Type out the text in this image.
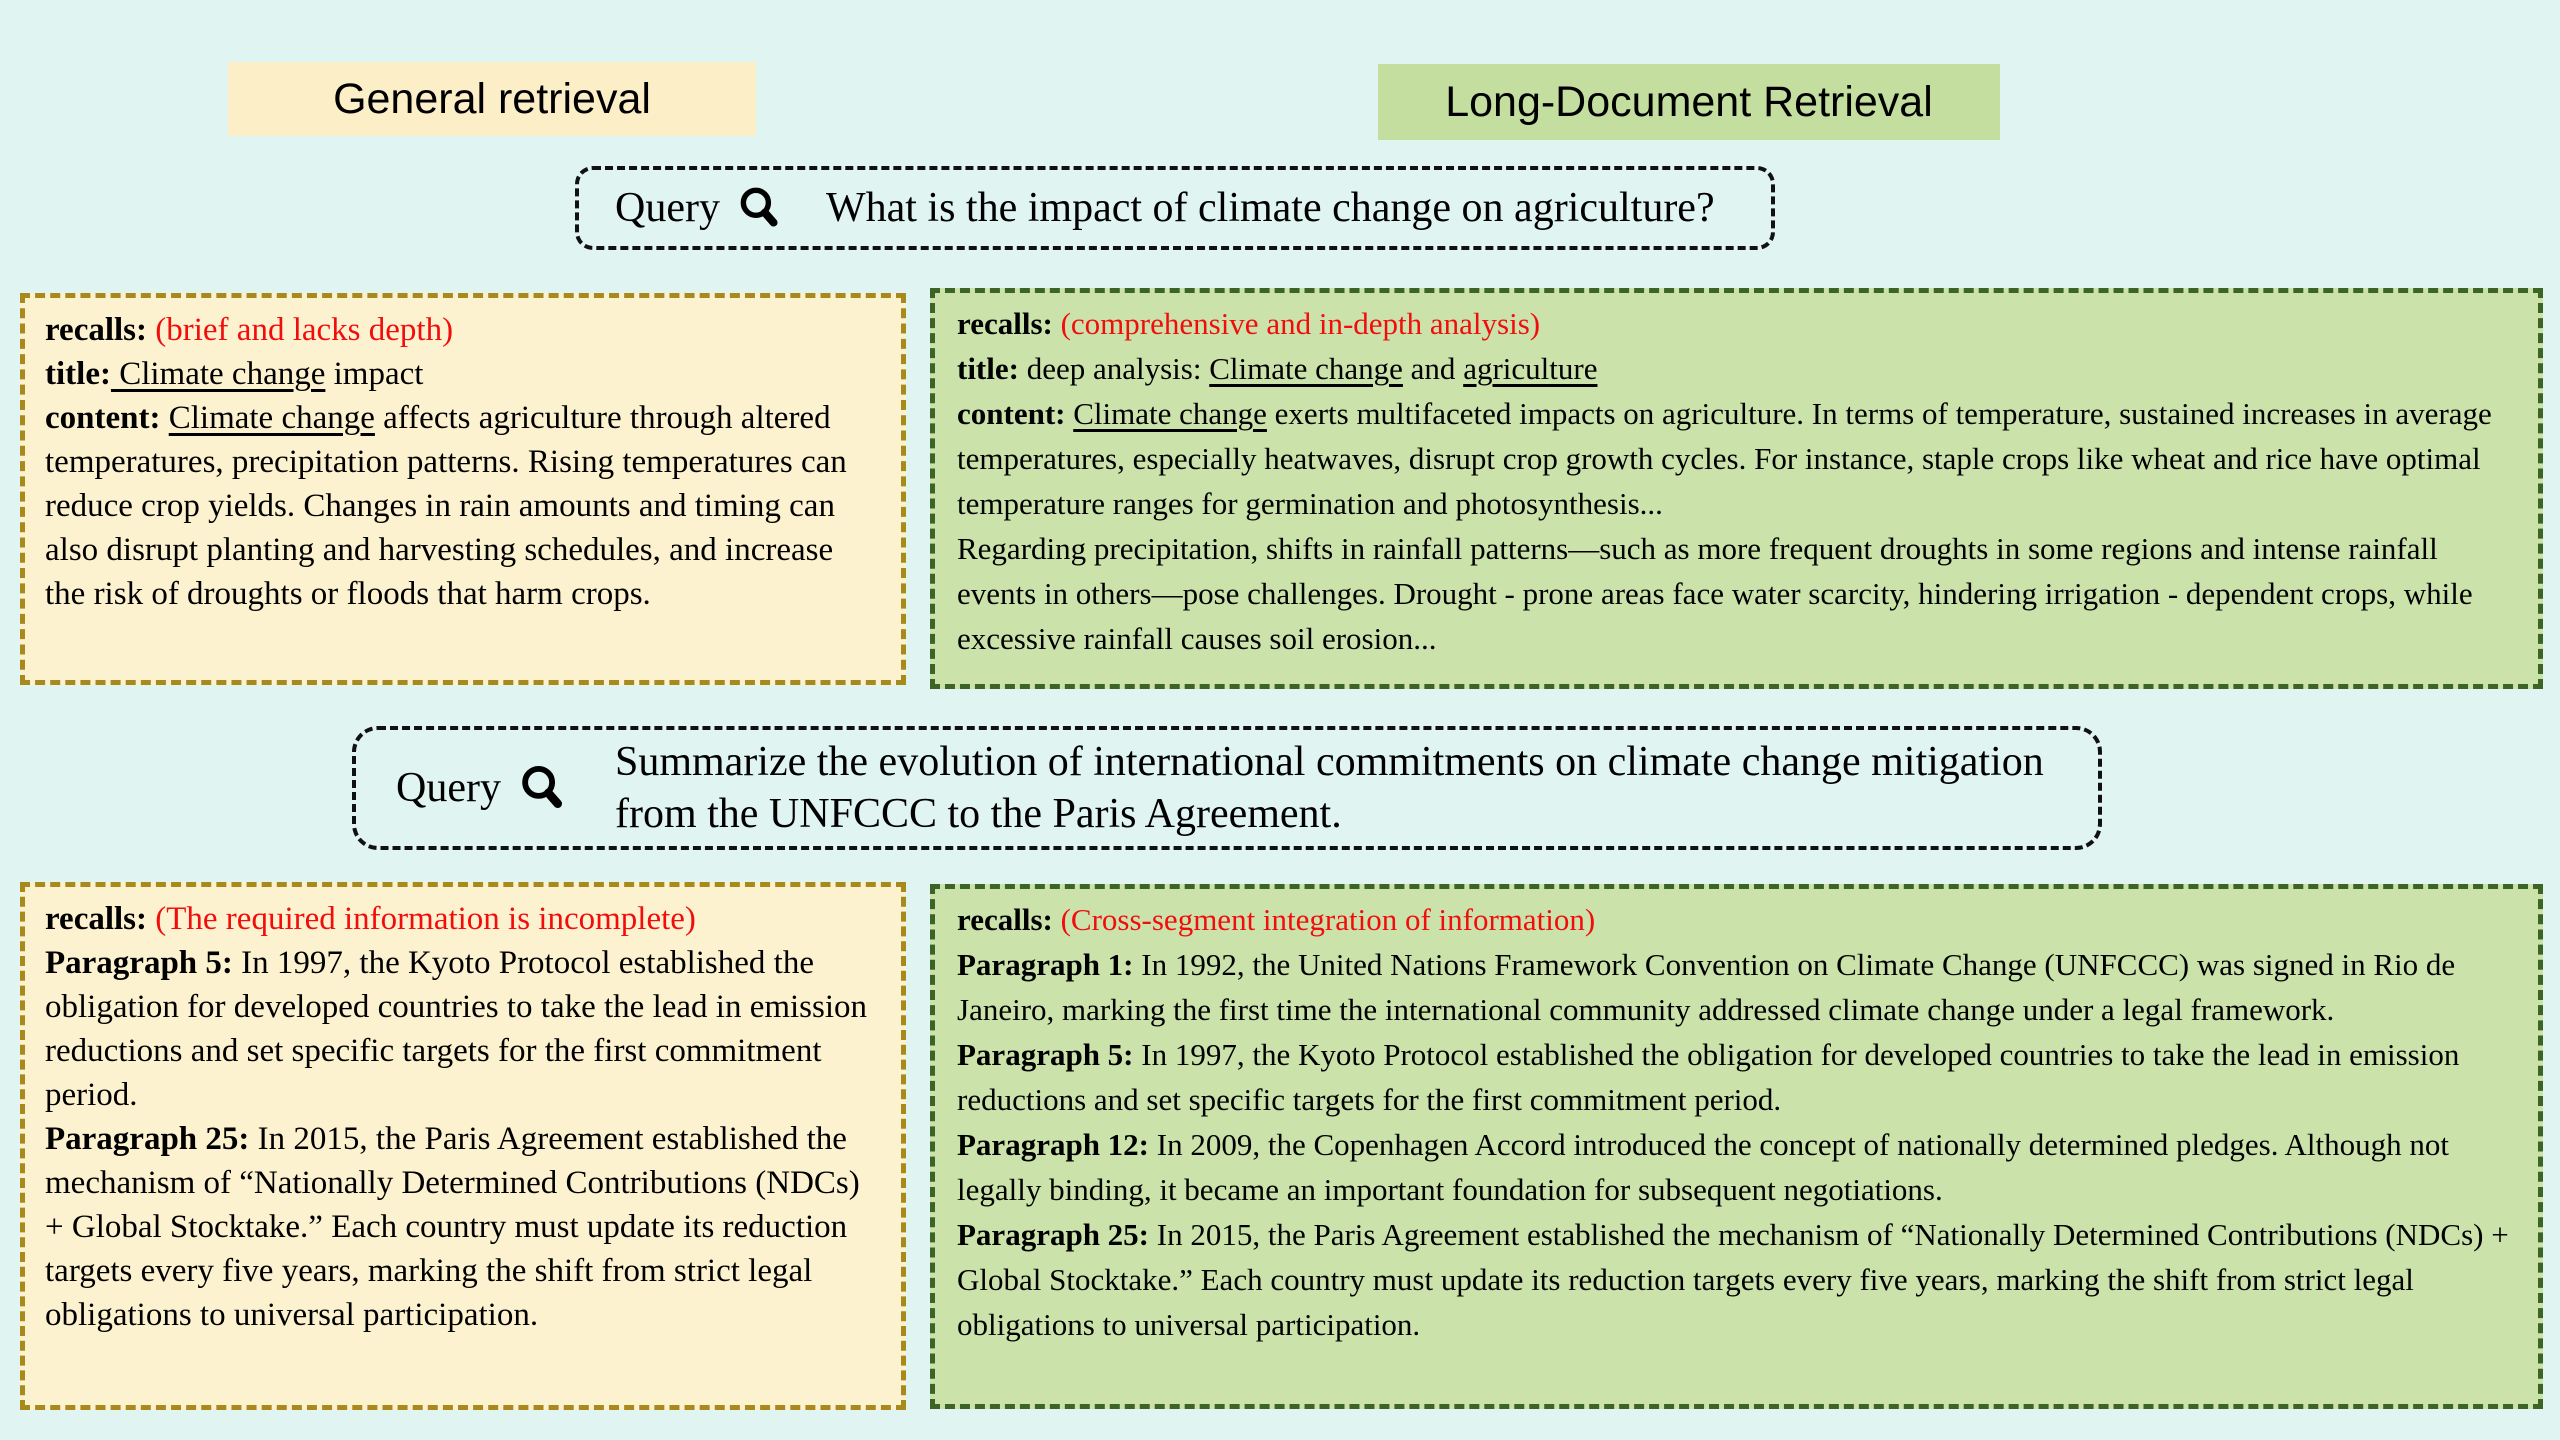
General retrieval	Long-Document Retrieval
Query	What is the impact of climate change on agriculture?
recalls: (brief and lacks depth)
title: Climate change impact
content: Climate change affects agriculture through altered temperatures, precipitation patterns. Rising temperatures can reduce crop yields. Changes in rain amounts and timing can also disrupt planting and harvesting schedules, and increase the risk of droughts or floods that harm crops.
recalls: (comprehensive and in-depth analysis)
title: deep analysis: Climate change and agriculture
content: Climate change exerts multifaceted impacts on agriculture. In terms of temperature, sustained increases in average temperatures, especially heatwaves, disrupt crop growth cycles. For instance, staple crops like wheat and rice have optimal temperature ranges for germination and photosynthesis...
Regarding precipitation, shifts in rainfall patterns—such as more frequent droughts in some regions and intense rainfall events in others—pose challenges. Drought - prone areas face water scarcity, hindering irrigation - dependent crops, while excessive rainfall causes soil erosion...
Query
Summarize the evolution of international commitments on climate change mitigation from the UNFCCC to the Paris Agreement.
recalls: (The required information is incomplete)
Paragraph 5: In 1997, the Kyoto Protocol established the obligation for developed countries to take the lead in emission reductions and set specific targets for the first commitment period.
Paragraph 25: In 2015, the Paris Agreement established the mechanism of “Nationally Determined Contributions (NDCs) + Global Stocktake.” Each country must update its reduction targets every five years, marking the shift from strict legal obligations to universal participation.
recalls: (Cross-segment integration of information)
Paragraph 1: In 1992, the United Nations Framework Convention on Climate Change (UNFCCC) was signed in Rio de Janeiro, marking the first time the international community addressed climate change under a legal framework.
Paragraph 5: In 1997, the Kyoto Protocol established the obligation for developed countries to take the lead in emission reductions and set specific targets for the first commitment period.
Paragraph 12: In 2009, the Copenhagen Accord introduced the concept of nationally determined pledges. Although not legally binding, it became an important foundation for subsequent negotiations.
Paragraph 25: In 2015, the Paris Agreement established the mechanism of “Nationally Determined Contributions (NDCs) + Global Stocktake.” Each country must update its reduction targets every five years, marking the shift from strict legal obligations to universal participation.
